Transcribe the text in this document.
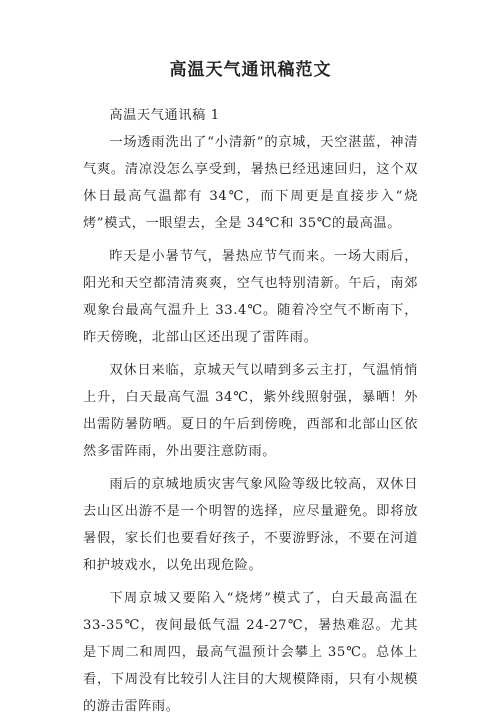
高温天气通讯稿范文

高温天气通讯稿 1

一场透雨洗出了“小清新”的京城，天空湛蓝，神清气爽。清凉没怎么享受到，暑热已经迅速回归，这个双休日最高气温都有 34℃，而下周更是直接步入“烧烤”模式，一眼望去，全是 34℃和 35℃的最高温。

昨天是小暑节气，暑热应节气而来。一场大雨后，阳光和天空都清清爽爽，空气也特别清新。午后，南郊观象台最高气温升上 33.4℃。随着冷空气不断南下，昨天傍晚，北部山区还出现了雷阵雨。

双休日来临，京城天气以晴到多云主打，气温悄悄上升，白天最高气温 34℃，紫外线照射强，暴晒！外出需防暑防晒。夏日的午后到傍晚，西部和北部山区依然多雷阵雨，外出要注意防雨。

雨后的京城地质灾害气象风险等级比较高，双休日去山区出游不是一个明智的选择，应尽量避免。即将放暑假，家长们也要看好孩子，不要游野泳，不要在河道和护坡戏水，以免出现危险。

下周京城又要陷入“烧烤”模式了，白天最高温在 33-35℃，夜间最低气温 24-27℃，暑热难忍。尤其是下周二和周四，最高气温预计会攀上 35℃。总体上看，下周没有比较引人注目的大规模降雨，只有小规模的游击雷阵雨。
